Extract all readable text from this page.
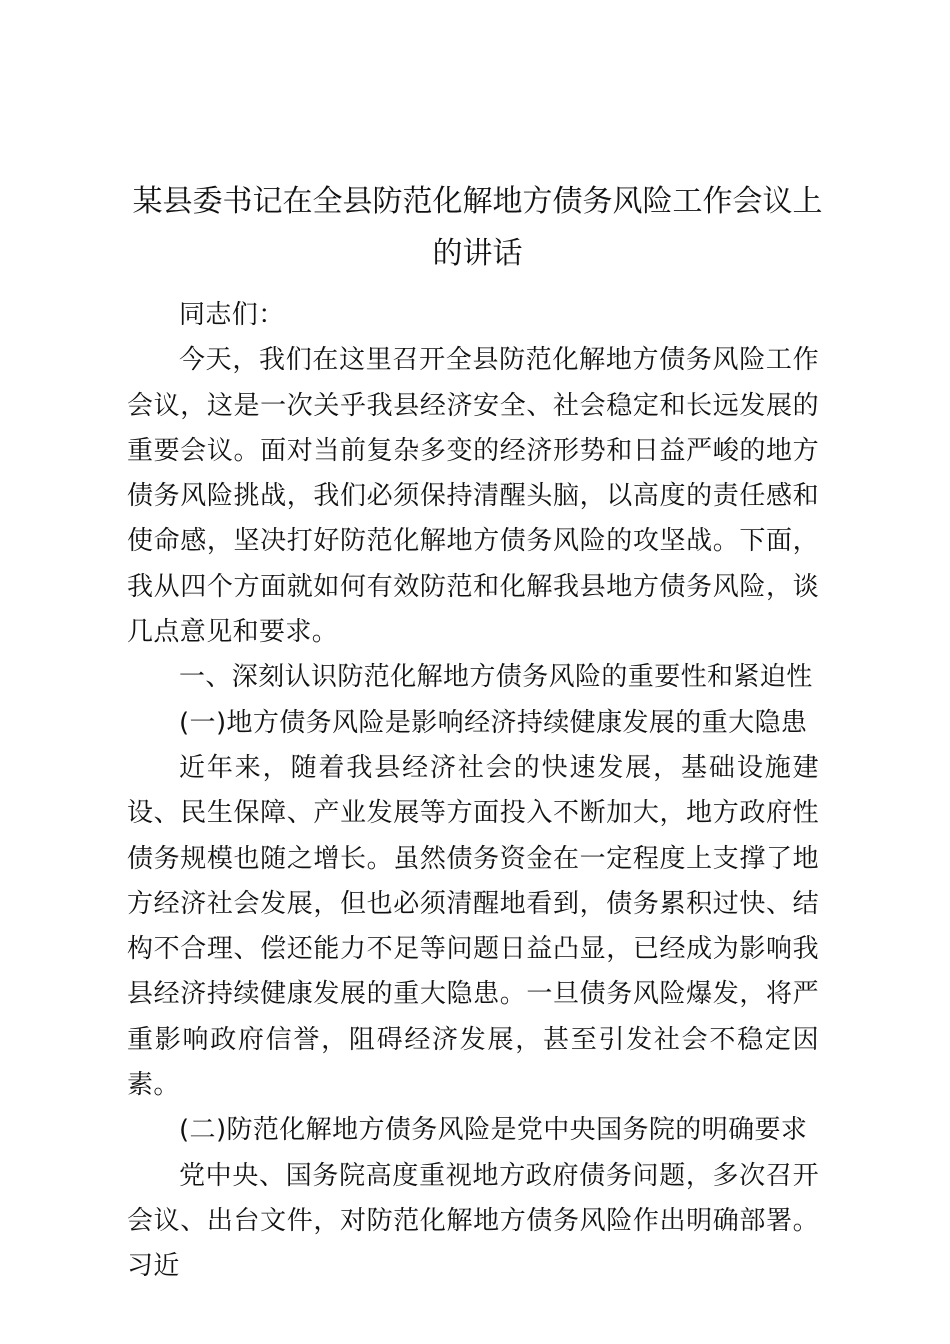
某县委书记在全县防范化解地方债务风险工作会议上的讲话

同志们：

今天，我们在这里召开全县防范化解地方债务风险工作会议，这是一次关乎我县经济安全、社会稳定和长远发展的重要会议。面对当前复杂多变的经济形势和日益严峻的地方债务风险挑战，我们必须保持清醒头脑，以高度的责任感和使命感，坚决打好防范化解地方债务风险的攻坚战。下面，我从四个方面就如何有效防范和化解我县地方债务风险，谈几点意见和要求。

一、深刻认识防范化解地方债务风险的重要性和紧迫性

(一)地方债务风险是影响经济持续健康发展的重大隐患

近年来，随着我县经济社会的快速发展，基础设施建设、民生保障、产业发展等方面投入不断加大，地方政府性债务规模也随之增长。虽然债务资金在一定程度上支撑了地方经济社会发展，但也必须清醒地看到，债务累积过快、结构不合理、偿还能力不足等问题日益凸显，已经成为影响我县经济持续健康发展的重大隐患。一旦债务风险爆发，将严重影响政府信誉，阻碍经济发展，甚至引发社会不稳定因素。

(二)防范化解地方债务风险是党中央国务院的明确要求

党中央、国务院高度重视地方政府债务问题，多次召开会议、出台文件，对防范化解地方债务风险作出明确部署。习近
